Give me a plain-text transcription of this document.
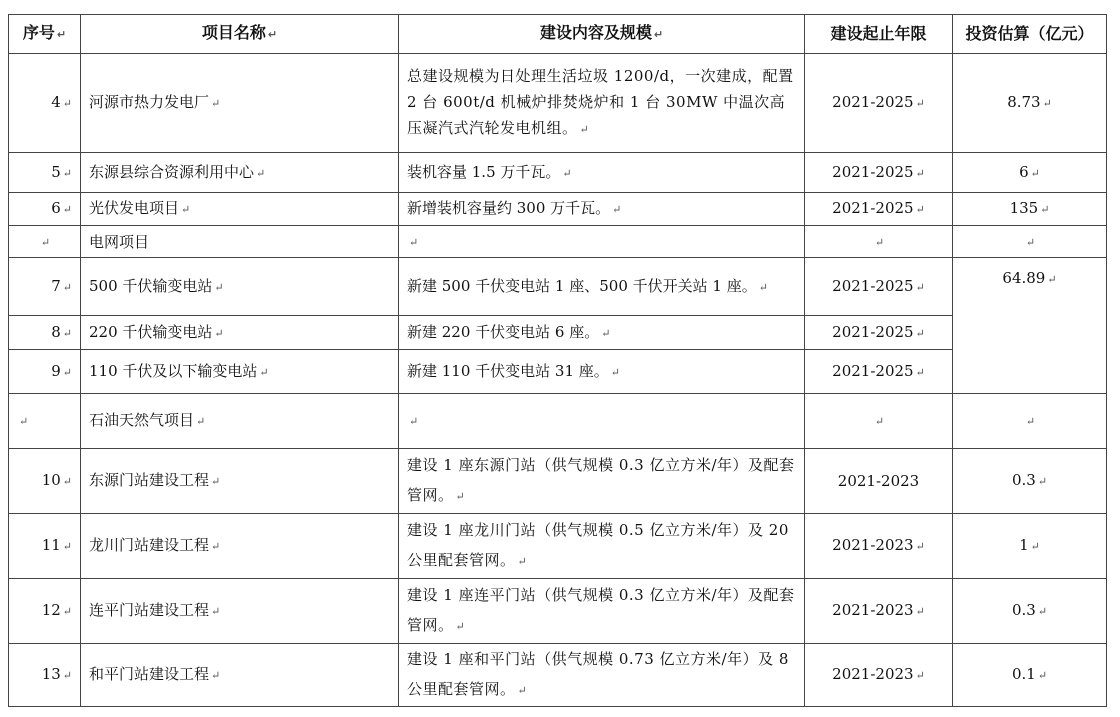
序号 ↵	项目名称 ↵	建设内容及规模 ↵	建设起止年限	投资估算（亿元）
4 ↵	河源市热力发电厂 ↵	总建设规模为日处理生活垃圾 1200/d，一次建成，配置 2 台 600t/d 机械炉排焚烧炉和 1 台 30MW 中温次高压凝汽式汽轮发电机组。 ↵	2021-2025 ↵	8.73 ↵
5 ↵	东源县综合资源利用中心 ↵	装机容量 1.5 万千瓦。 ↵	2021-2025 ↵	6 ↵
6 ↵	光伏发电项目 ↵	新增装机容量约 300 万千瓦。 ↵	2021-2025 ↵	135 ↵
↵	电网项目	↵	↵	↵
7 ↵	500 千伏输变电站 ↵	新建 500 千伏变电站 1 座、500 千伏开关站 1 座。 ↵	2021-2025 ↵	64.89 ↵
8 ↵	220 千伏输变电站 ↵	新建 220 千伏变电站 6 座。 ↵	2021-2025 ↵	
9 ↵	110 千伏及以下输变电站 ↵	新建 110 千伏变电站 31 座。 ↵	2021-2025 ↵	
↵	石油天然气项目 ↵	↵	↵	↵
10 ↵	东源门站建设工程 ↵	建设 1 座东源门站（供气规模 0.3 亿立方米/年）及配套管网。 ↵	2021-2023	0.3 ↵
11 ↵	龙川门站建设工程 ↵	建设 1 座龙川门站（供气规模 0.5 亿立方米/年）及 20 公里配套管网。 ↵	2021-2023 ↵	1 ↵
12 ↵	连平门站建设工程 ↵	建设 1 座连平门站（供气规模 0.3 亿立方米/年）及配套管网。 ↵	2021-2023 ↵	0.3 ↵
13 ↵	和平门站建设工程 ↵	建设 1 座和平门站（供气规模 0.73 亿立方米/年）及 8 公里配套管网。 ↵	2021-2023 ↵	0.1 ↵
